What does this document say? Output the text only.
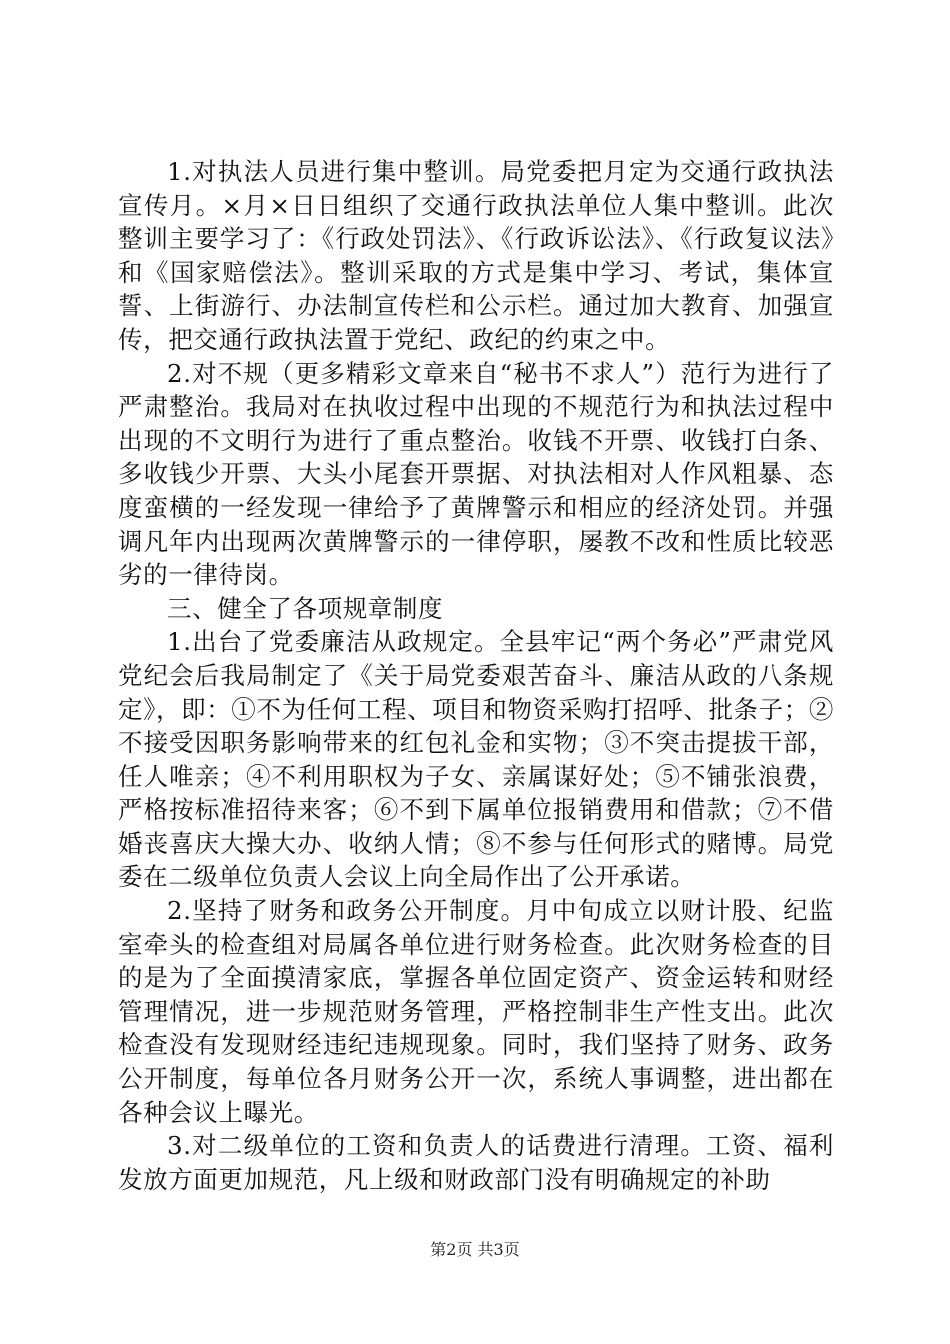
1.对执法人员进行集中整训。局党委把月定为交通行政执法宣传月。×月×日日组织了交通行政执法单位人集中整训。此次整训主要学习了：《行政处罚法》、《行政诉讼法》、《行政复议法》和《国家赔偿法》。整训采取的方式是集中学习、考试，集体宣誓、上街游行、办法制宣传栏和公示栏。通过加大教育、加强宣传，把交通行政执法置于党纪、政纪的约束之中。

2.对不规（更多精彩文章来自“秘书不求人”）范行为进行了严肃整治。我局对在执收过程中出现的不规范行为和执法过程中出现的不文明行为进行了重点整治。收钱不开票、收钱打白条、多收钱少开票、大头小尾套开票据、对执法相对人作风粗暴、态度蛮横的一经发现一律给予了黄牌警示和相应的经济处罚。并强调凡年内出现两次黄牌警示的一律停职，屡教不改和性质比较恶劣的一律待岗。

三、健全了各项规章制度

1.出台了党委廉洁从政规定。全县牢记“两个务必”严肃党风党纪会后我局制定了《关于局党委艰苦奋斗、廉洁从政的八条规定》，即：①不为任何工程、项目和物资采购打招呼、批条子；②不接受因职务影响带来的红包礼金和实物；③不突击提拔干部，任人唯亲；④不利用职权为子女、亲属谋好处；⑤不铺张浪费，严格按标准招待来客；⑥不到下属单位报销费用和借款；⑦不借婚丧喜庆大操大办、收纳人情；⑧不参与任何形式的赌博。局党委在二级单位负责人会议上向全局作出了公开承诺。

2.坚持了财务和政务公开制度。月中旬成立以财计股、纪监室牵头的检查组对局属各单位进行财务检查。此次财务检查的目的是为了全面摸清家底，掌握各单位固定资产、资金运转和财经管理情况，进一步规范财务管理，严格控制非生产性支出。此次检查没有发现财经违纪违规现象。同时，我们坚持了财务、政务公开制度，每单位各月财务公开一次，系统人事调整，进出都在各种会议上曝光。

3.对二级单位的工资和负责人的话费进行清理。工资、福利发放方面更加规范，凡上级和财政部门没有明确规定的补助

第2页 共3页
